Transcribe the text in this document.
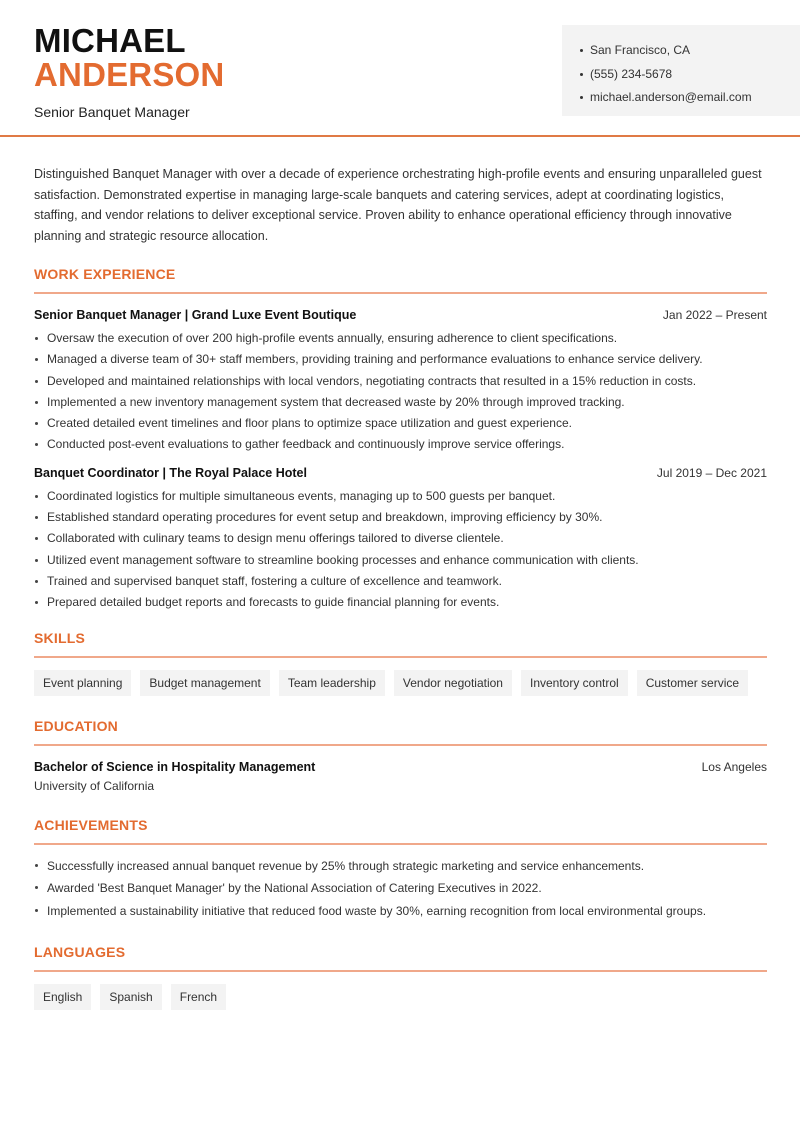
MICHAEL
ANDERSON
Senior Banquet Manager
San Francisco, CA
(555) 234-5678
michael.anderson@email.com

Distinguished Banquet Manager with over a decade of experience orchestrating high-profile events and ensuring unparalleled guest satisfaction. Demonstrated expertise in managing large-scale banquets and catering services, adept at coordinating logistics, staffing, and vendor relations to deliver exceptional service. Proven ability to enhance operational efficiency through innovative planning and strategic resource allocation.

WORK EXPERIENCE
Senior Banquet Manager | Grand Luxe Event Boutique	Jan 2022 – Present
Oversaw the execution of over 200 high-profile events annually, ensuring adherence to client specifications.
Managed a diverse team of 30+ staff members, providing training and performance evaluations to enhance service delivery.
Developed and maintained relationships with local vendors, negotiating contracts that resulted in a 15% reduction in costs.
Implemented a new inventory management system that decreased waste by 20% through improved tracking.
Created detailed event timelines and floor plans to optimize space utilization and guest experience.
Conducted post-event evaluations to gather feedback and continuously improve service offerings.
Banquet Coordinator | The Royal Palace Hotel	Jul 2019 – Dec 2021
Coordinated logistics for multiple simultaneous events, managing up to 500 guests per banquet.
Established standard operating procedures for event setup and breakdown, improving efficiency by 30%.
Collaborated with culinary teams to design menu offerings tailored to diverse clientele.
Utilized event management software to streamline booking processes and enhance communication with clients.
Trained and supervised banquet staff, fostering a culture of excellence and teamwork.
Prepared detailed budget reports and forecasts to guide financial planning for events.
SKILLS
Event planning	Budget management	Team leadership	Vendor negotiation	Inventory control	Customer service
EDUCATION
Bachelor of Science in Hospitality Management	Los Angeles
University of California
ACHIEVEMENTS
Successfully increased annual banquet revenue by 25% through strategic marketing and service enhancements.
Awarded 'Best Banquet Manager' by the National Association of Catering Executives in 2022.
Implemented a sustainability initiative that reduced food waste by 30%, earning recognition from local environmental groups.
LANGUAGES
English	Spanish	French
